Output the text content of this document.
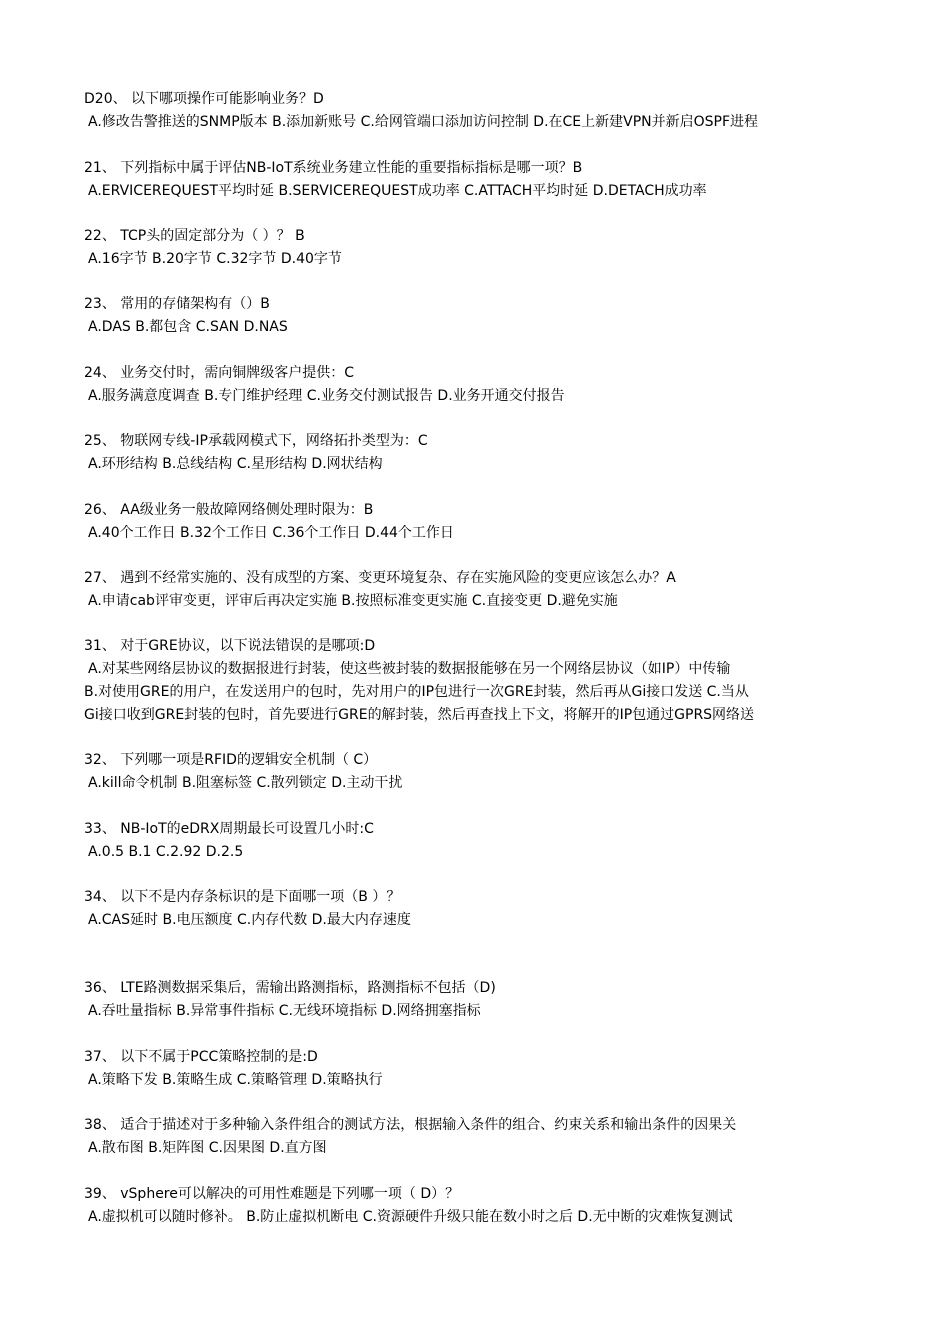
D20、 以下哪项操作可能影响业务？D
A.修改告警推送的SNMP版本 B.添加新账号 C.给网管端口添加访问控制 D.在CE上新建VPN并新启OSPF进程
21、 下列指标中属于评估NB-IoT系统业务建立性能的重要指标指标是哪一项？B
A.ERVICEREQUEST平均时延 B.SERVICEREQUEST成功率 C.ATTACH平均时延 D.DETACH成功率
22、 TCP头的固定部分为（ ）？ B
A.16字节 B.20字节 C.32字节 D.40字节
23、 常用的存储架构有（）B
A.DAS B.都包含 C.SAN D.NAS
24、 业务交付时，需向铜牌级客户提供：C
A.服务满意度调查 B.专门维护经理 C.业务交付测试报告 D.业务开通交付报告
25、 物联网专线-IP承载网模式下，网络拓扑类型为：C
A.环形结构 B.总线结构 C.星形结构 D.网状结构
26、 AA级业务一般故障网络侧处理时限为：B
A.40个工作日 B.32个工作日 C.36个工作日 D.44个工作日
27、 遇到不经常实施的、没有成型的方案、变更环境复杂、存在实施风险的变更应该怎么办？A
A.申请cab评审变更，评审后再决定实施 B.按照标准变更实施 C.直接变更 D.避免实施
31、 对于GRE协议，以下说法错误的是哪项:D
A.对某些网络层协议的数据报进行封装，使这些被封装的数据报能够在另一个网络层协议（如IP）中传输
B.对使用GRE的用户，在发送用户的包时，先对用户的IP包进行一次GRE封装，然后再从Gi接口发送 C.当从
Gi接口收到GRE封装的包时，首先要进行GRE的解封装，然后再查找上下文，将解开的IP包通过GPRS网络送
32、 下列哪一项是RFID的逻辑安全机制（ C）
A.kill命令机制 B.阻塞标签 C.散列锁定 D.主动干扰
33、 NB-IoT的eDRX周期最长可设置几小时:C
A.0.5 B.1 C.2.92 D.2.5
34、 以下不是内存条标识的是下面哪一项（B ）？
A.CAS延时 B.电压额度 C.内存代数 D.最大内存速度
36、 LTE路测数据采集后，需输出路测指标，路测指标不包括（D)
A.吞吐量指标 B.异常事件指标 C.无线环境指标 D.网络拥塞指标
37、 以下不属于PCC策略控制的是:D
A.策略下发 B.策略生成 C.策略管理 D.策略执行
38、 适合于描述对于多种输入条件组合的测试方法，根据输入条件的组合、约束关系和输出条件的因果关
A.散布图 B.矩阵图 C.因果图 D.直方图
39、 vSphere可以解决的可用性难题是下列哪一项（ D）？
A.虚拟机可以随时修补。 B.防止虚拟机断电 C.资源硬件升级只能在数小时之后 D.无中断的灾难恢复测试
